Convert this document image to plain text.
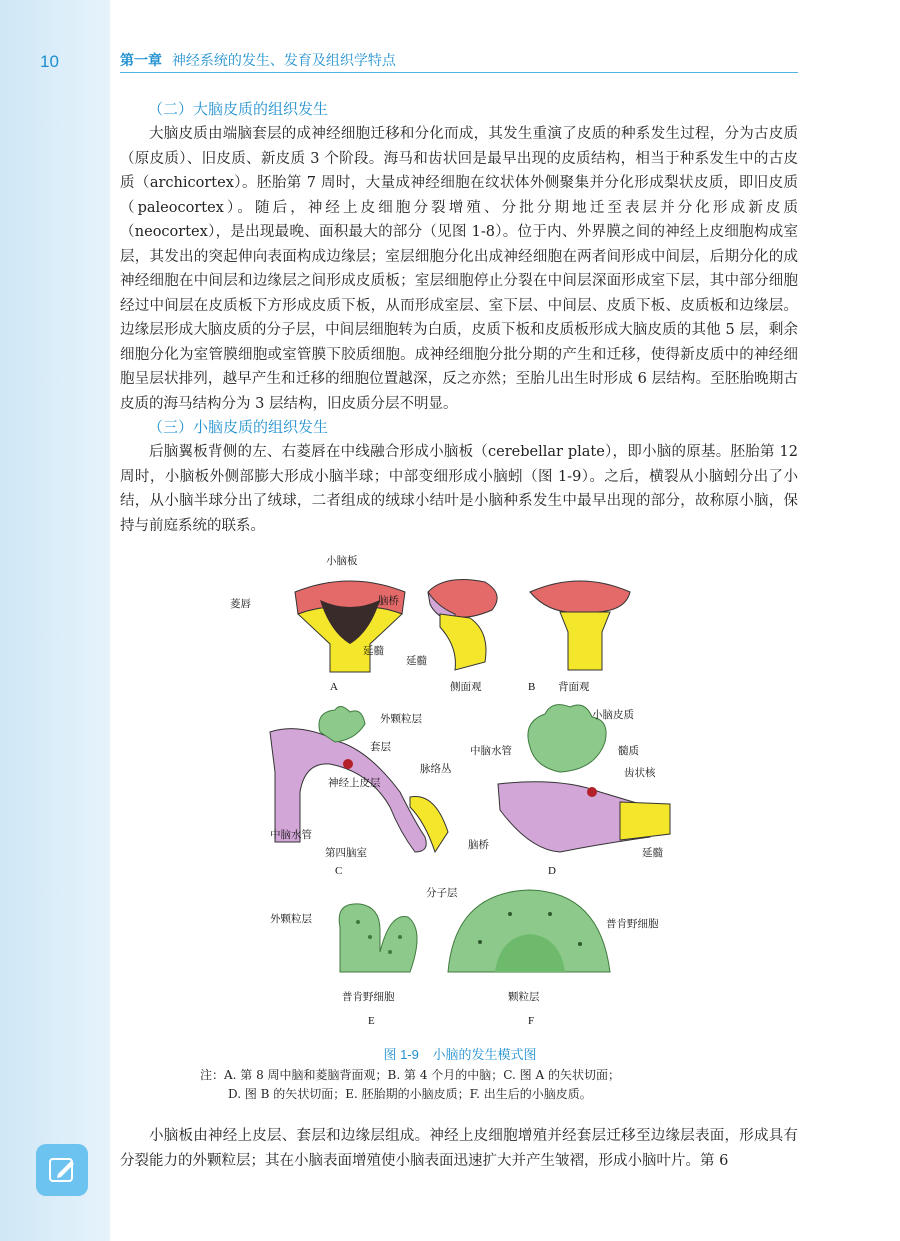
10	第一章 神经系统的发生、发育及组织学特点
（二）大脑皮质的组织发生

大脑皮质由端脑套层的成神经细胞迁移和分化而成，其发生重演了皮质的种系发生过程，分为古皮质（原皮质）、旧皮质、新皮质 3 个阶段。海马和齿状回是最早出现的皮质结构，相当于种系发生中的古皮质（archicortex）。胚胎第 7 周时，大量成神经细胞在纹状体外侧聚集并分化形成梨状皮质，即旧皮质（paleocortex）。随后，神经上皮细胞分裂增殖、分批分期地迁至表层并分化形成新皮质（neocortex），是出现最晚、面积最大的部分（见图 1-8）。位于内、外界膜之间的神经上皮细胞构成室层，其发出的突起伸向表面构成边缘层；室层细胞分化出成神经细胞在两者间形成中间层，后期分化的成神经细胞在中间层和边缘层之间形成皮质板；室层细胞停止分裂在中间层深面形成室下层，其中部分细胞经过中间层在皮质板下方形成皮质下板，从而形成室层、室下层、中间层、皮质下板、皮质板和边缘层。边缘层形成大脑皮质的分子层，中间层细胞转为白质，皮质下板和皮质板形成大脑皮质的其他 5 层，剩余细胞分化为室管膜细胞或室管膜下胶质细胞。成神经细胞分批分期的产生和迁移，使得新皮质中的神经细胞呈层状排列，越早产生和迁移的细胞位置越深，反之亦然；至胎儿出生时形成 6 层结构。至胚胎晚期古皮质的海马结构分为 3 层结构，旧皮质分层不明显。

（三）小脑皮质的组织发生

后脑翼板背侧的左、右菱唇在中线融合形成小脑板（cerebellar plate），即小脑的原基。胚胎第 12 周时，小脑板外侧部膨大形成小脑半球；中部变细形成小脑蚓（图 1-9）。之后，横裂从小脑蚓分出了小结，从小脑半球分出了绒球，二者组成的绒球小结叶是小脑种系发生中最早出现的部分，故称原小脑，保持与前庭系统的联系。

小脑板
菱唇
延髓
A
脑桥
延髓
侧面观	B 背面观
外颗粒层
套层
脉络丛
神经上皮层
中脑水管
第四脑室
C
小脑皮质
中脑水管	髓质
齿状核
脑桥
延髓
D
外颗粒层
普肯野细胞
E
分子层
普肯野细胞
颗粒层
F
图 1-9 小脑的发生模式图
注：A. 第 8 周中脑和菱脑背面观；B. 第 4 个月的中脑；C. 图 A 的矢状切面；
D. 图 B 的矢状切面；E. 胚胎期的小脑皮质；F. 出生后的小脑皮质。

小脑板由神经上皮层、套层和边缘层组成。神经上皮细胞增殖并经套层迁移至边缘层表面，形成具有分裂能力的外颗粒层；其在小脑表面增殖使小脑表面迅速扩大并产生皱褶，形成小脑叶片。第 6
